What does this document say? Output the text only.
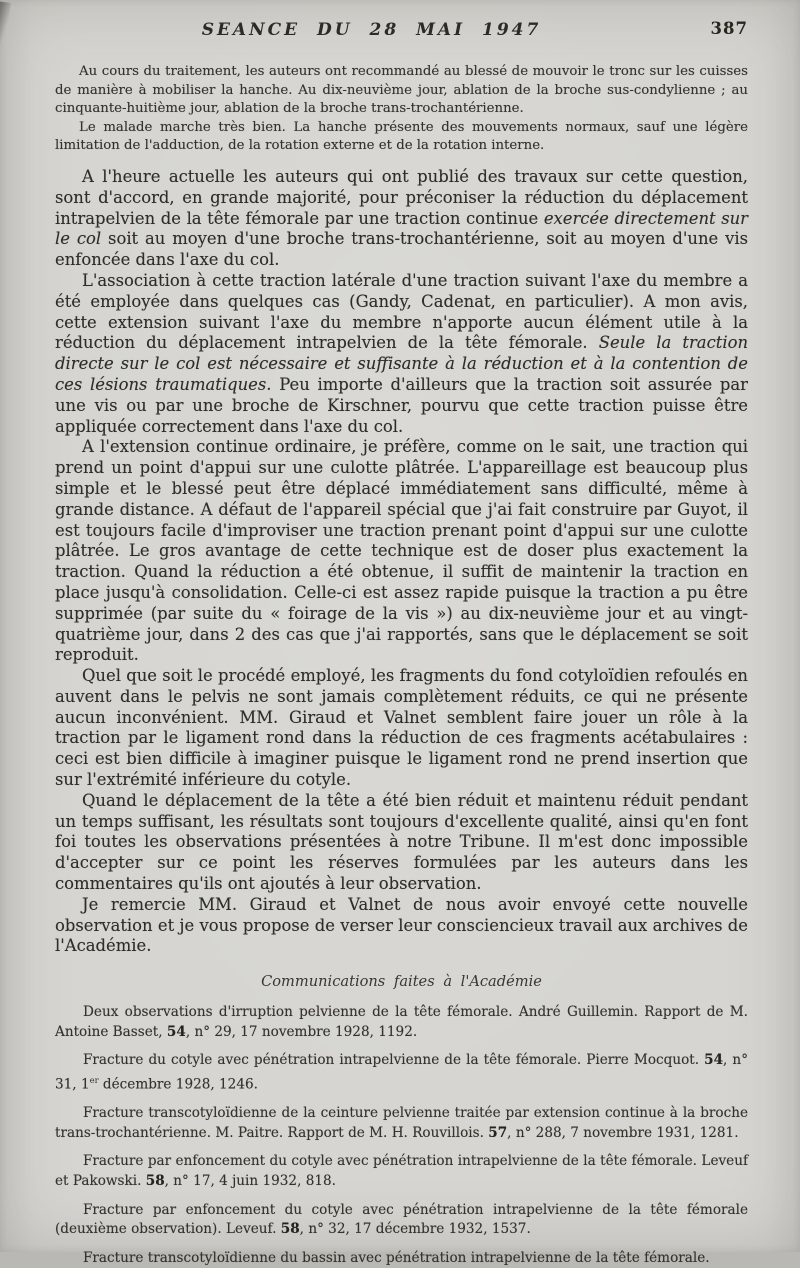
SEANCE DU 28 MAI 1947	387

Au cours du traitement, les auteurs ont recommandé au blessé de mouvoir le tronc sur les cuisses de manière à mobiliser la hanche. Au dix-neuvième jour, ablation de la broche sus-condylienne ; au cinquante-huitième jour, ablation de la broche trans-trochantérienne.

Le malade marche très bien. La hanche présente des mouvements normaux, sauf une légère limitation de l'adduction, de la rotation externe et de la rotation interne.

A l'heure actuelle les auteurs qui ont publié des travaux sur cette question, sont d'accord, en grande majorité, pour préconiser la réduction du déplacement intrapelvien de la tête fémorale par une traction continue exercée directement sur le col soit au moyen d'une broche trans-trochantérienne, soit au moyen d'une vis enfoncée dans l'axe du col.

L'association à cette traction latérale d'une traction suivant l'axe du membre a été employée dans quelques cas (Gandy, Cadenat, en particulier). A mon avis, cette extension suivant l'axe du membre n'apporte aucun élément utile à la réduction du déplacement intrapelvien de la tête fémorale. Seule la traction directe sur le col est nécessaire et suffisante à la réduction et à la contention de ces lésions traumatiques. Peu importe d'ailleurs que la traction soit assurée par une vis ou par une broche de Kirschner, pourvu que cette traction puisse être appliquée correctement dans l'axe du col.

A l'extension continue ordinaire, je préfère, comme on le sait, une traction qui prend un point d'appui sur une culotte plâtrée. L'appareillage est beaucoup plus simple et le blessé peut être déplacé immédiatement sans difficulté, même à grande distance. A défaut de l'appareil spécial que j'ai fait construire par Guyot, il est toujours facile d'improviser une traction prenant point d'appui sur une culotte plâtrée. Le gros avantage de cette technique est de doser plus exactement la traction. Quand la réduction a été obtenue, il suffit de maintenir la traction en place jusqu'à consolidation. Celle-ci est assez rapide puisque la traction a pu être supprimée (par suite du « foirage de la vis ») au dix-neuvième jour et au vingt-quatrième jour, dans 2 des cas que j'ai rapportés, sans que le déplacement se soit reproduit.

Quel que soit le procédé employé, les fragments du fond cotyloïdien refoulés en auvent dans le pelvis ne sont jamais complètement réduits, ce qui ne présente aucun inconvénient. MM. Giraud et Valnet semblent faire jouer un rôle à la traction par le ligament rond dans la réduction de ces fragments acétabulaires : ceci est bien difficile à imaginer puisque le ligament rond ne prend insertion que sur l'extrémité inférieure du cotyle.

Quand le déplacement de la tête a été bien réduit et maintenu réduit pendant un temps suffisant, les résultats sont toujours d'excellente qualité, ainsi qu'en font foi toutes les observations présentées à notre Tribune. Il m'est donc impossible d'accepter sur ce point les réserves formulées par les auteurs dans les commentaires qu'ils ont ajoutés à leur observation.

Je remercie MM. Giraud et Valnet de nous avoir envoyé cette nouvelle observation et je vous propose de verser leur consciencieux travail aux archives de l'Académie.

Communications faites à l'Académie

Deux observations d'irruption pelvienne de la tête fémorale. André Guillemin. Rapport de M. Antoine Basset, 54, n° 29, 17 novembre 1928, 1192.

Fracture du cotyle avec pénétration intrapelvienne de la tête fémorale. Pierre Mocquot. 54, n° 31, 1er décembre 1928, 1246.

Fracture transcotyloïdienne de la ceinture pelvienne traitée par extension continue à la broche trans-trochantérienne. M. Paitre. Rapport de M. H. Rouvillois. 57, n° 288, 7 novembre 1931, 1281.

Fracture par enfoncement du cotyle avec pénétration intrapelvienne de la tête fémorale. Leveuf et Pakowski. 58, n° 17, 4 juin 1932, 818.

Fracture par enfoncement du cotyle avec pénétration intrapelvienne de la tête fémorale (deuxième observation). Leveuf. 58, n° 32, 17 décembre 1932, 1537.

Fracture transcotyloïdienne du bassin avec pénétration intrapelvienne de la tête fémorale.
